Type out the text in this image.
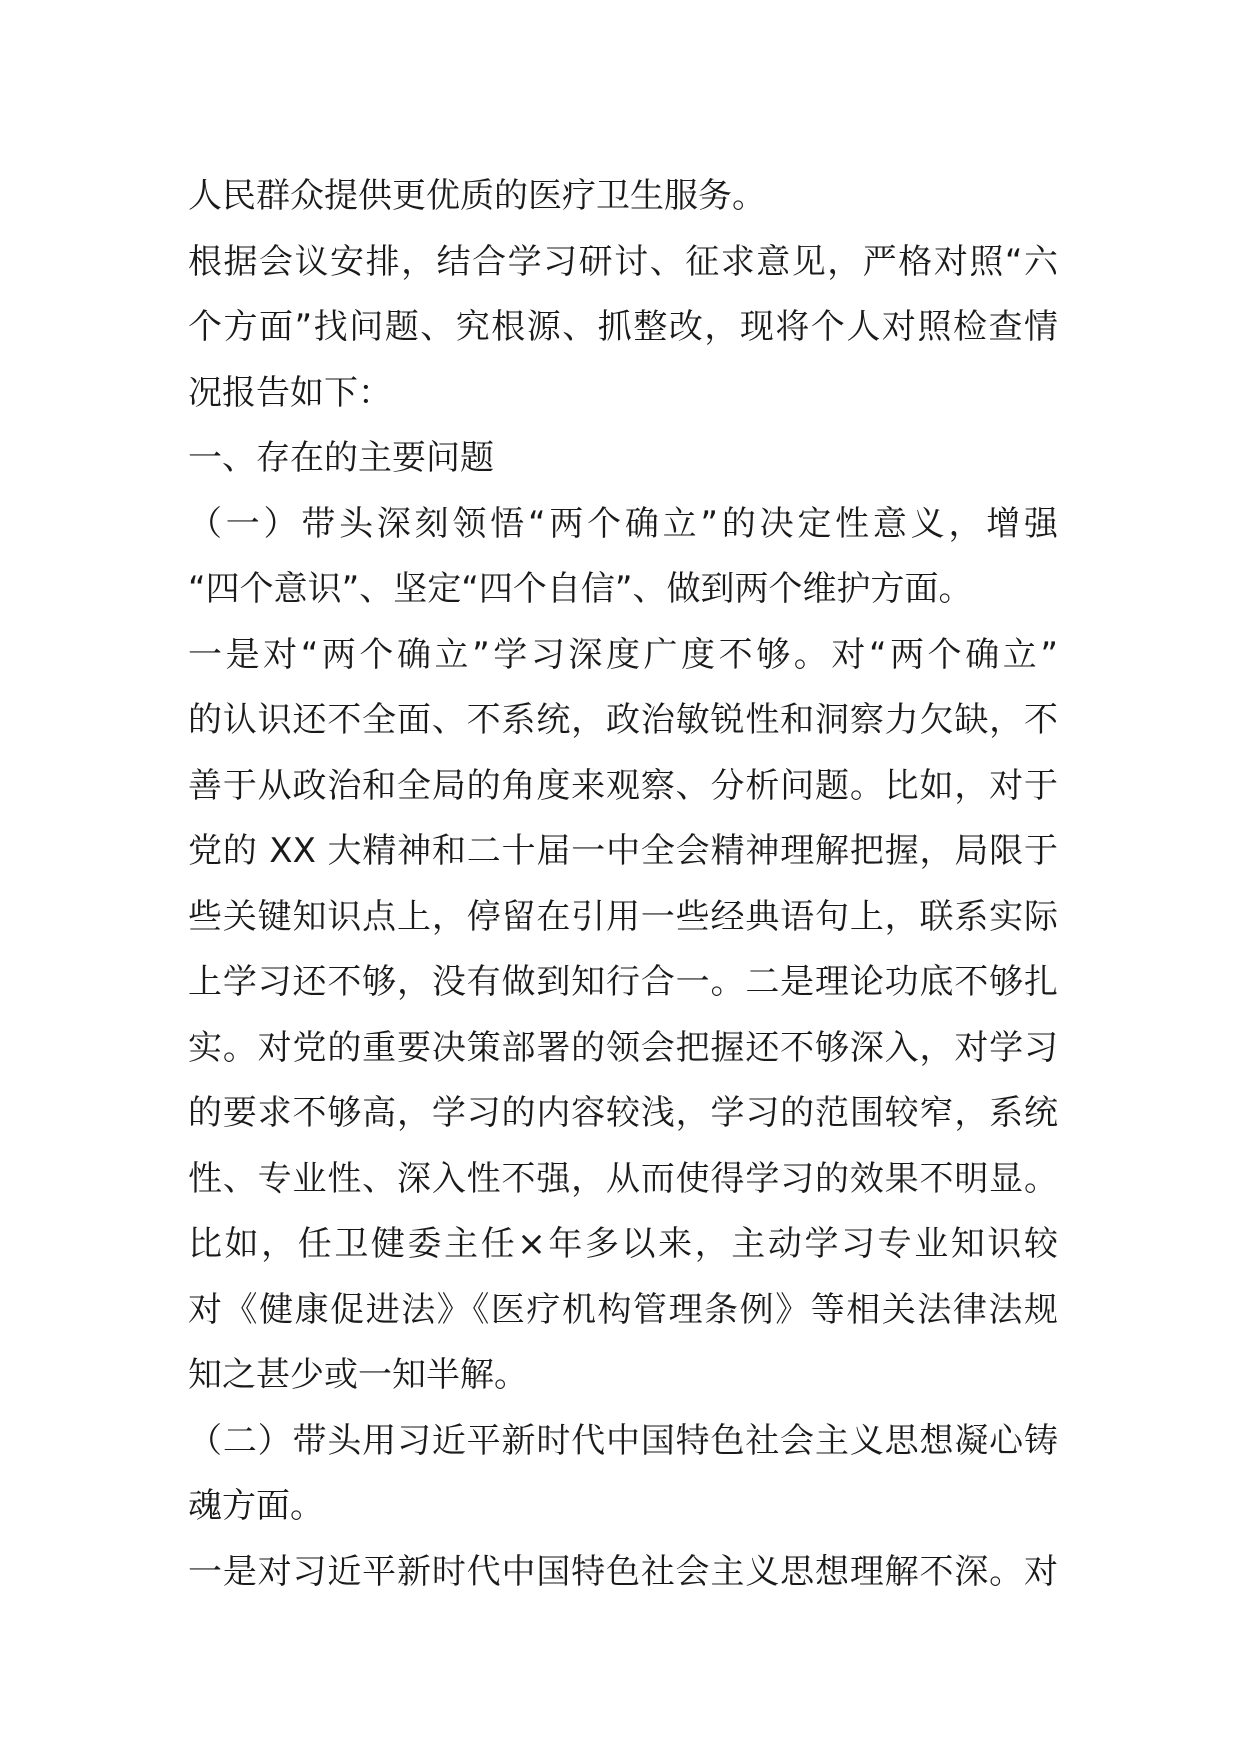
人民群众提供更优质的医疗卫生服务。
根据会议安排，结合学习研讨、征求意见，严格对照“六
个方面”找问题、究根源、抓整改，现将个人对照检查情
况报告如下：
一、存在的主要问题
（一）带头深刻领悟“两个确立”的决定性意义，增强
“四个意识”、坚定“四个自信”、做到两个维护方面。
一是对“两个确立”学习深度广度不够。对“两个确立”
的认识还不全面、不系统，政治敏锐性和洞察力欠缺，不
善于从政治和全局的角度来观察、分析问题。比如，对于
党的 XX 大精神和二十届一中全会精神理解把握，局限于
些关键知识点上，停留在引用一些经典语句上，联系实际
上学习还不够，没有做到知行合一。二是理论功底不够扎
实。对党的重要决策部署的领会把握还不够深入，对学习
的要求不够高，学习的内容较浅，学习的范围较窄，系统
性、专业性、深入性不强，从而使得学习的效果不明显。
比如，任卫健委主任×年多以来，主动学习专业知识较
对《健康促进法》《医疗机构管理条例》等相关法律法规
知之甚少或一知半解。
（二）带头用习近平新时代中国特色社会主义思想凝心铸
魂方面。
一是对习近平新时代中国特色社会主义思想理解不深。对
